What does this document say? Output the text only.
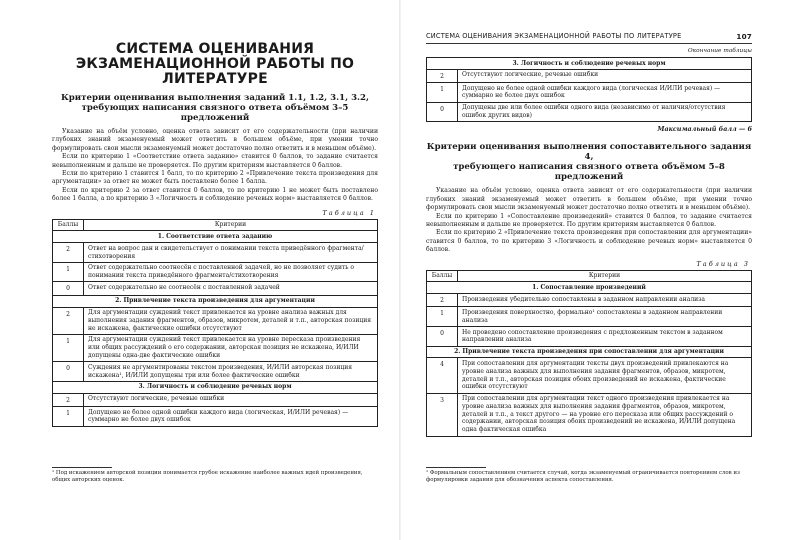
СИСТЕМА ОЦЕНИВАНИЯ
ЭКЗАМЕНАЦИОННОЙ РАБОТЫ ПО ЛИТЕРАТУРЕ
Критерии оценивания выполнения заданий 1.1, 1.2, 3.1, 3.2,
требующих написания связного ответа объёмом 3–5 предложений

Указание на объём условно, оценка ответа зависит от его содержательности (при наличии глубоких знаний экзаменуемый может ответить в большем объёме, при умении точно формулировать свои мысли экзаменуемый может достаточно полно ответить и в меньшем объёме).

Если по критерию 1 «Соответствие ответа заданию» ставится 0 баллов, то задание считается невыполненным и дальше не проверяется. По другим критериям выставляется 0 баллов.

Если по критерию 1 ставится 1 балл, то по критерию 2 «Привлечение текста произведения для аргументации» за ответ не может быть поставлено более 1 балла.

Если по критерию 2 за ответ ставится 0 баллов, то по критерию 1 не может быть поставлено более 1 балла, а по критерию 3 «Логичность и соблюдение речевых норм» выставляется 0 баллов.

Таблица 1
Баллы	Критерии
1. Соответствие ответа заданию	
2	Ответ на вопрос дан и свидетельствует о понимании текста приведённого фрагмента/стихотворения
1	Ответ содержательно соотнесён с поставленной задачей, но не позволяет судить о понимании текста приведённого фрагмента/стихотворения
0	Ответ содержательно не соотнесён с поставленной задачей
2. Привлечение текста произведения для аргументации	
2	Для аргументации суждений текст привлекается на уровне анализа важных для выполнения задания фрагментов, образов, микротем, деталей и т.п., авторская позиция не искажена, фактические ошибки отсутствуют
1	Для аргументации суждений текст привлекается на уровне пересказа произведения или общих рассуждений о его содержании, авторская позиция не искажена, И/ИЛИ допущены одна-две фактические ошибки
0	Суждения не аргументированы текстом произведения, И/ИЛИ авторская позиция искажена¹, И/ИЛИ допущены три или более фактические ошибки
3. Логичность и соблюдение речевых норм	
2	Отсутствуют логические, речевые ошибки
1	Допущено не более одной ошибки каждого вида (логическая, И/ИЛИ речевая) — суммарно не более двух ошибок
¹ Под искажением авторской позиции понимается грубое искажение наиболее важных идей произведения, общих авторских оценок.
СИСТЕМА ОЦЕНИВАНИЯ ЭКЗАМЕНАЦИОННОЙ РАБОТЫ ПО ЛИТЕРАТУРЕ	107
Окончание таблицы
3. Логичность и соблюдение речевых норм	
2	Отсутствуют логические, речевые ошибки
1	Допущено не более одной ошибки каждого вида (логическая И/ИЛИ речевая) — суммарно не более двух ошибок
0	Допущены две или более ошибки одного вида (независимо от наличия/отсутствия ошибок других видов)
Максимальный балл — 6
Критерии оценивания выполнения сопоставительного задания 4,
требующего написания связного ответа объёмом 5–8 предложений

Указание на объём условно, оценка ответа зависит от его содержательности (при наличии глубоких знаний экзаменуемый может ответить в большем объёме, при умении точно формулировать свои мысли экзаменуемый может достаточно полно ответить и в меньшем объёме).

Если по критерию 1 «Сопоставление произведений» ставится 0 баллов, то задание считается невыполненным и дальше не проверяется. По другим критериям выставляется 0 баллов.

Если по критерию 2 «Привлечение текста произведения при сопоставлении для аргументации» ставится 0 баллов, то по критерию 3 «Логичность и соблюдение речевых норм» выставляется 0 баллов.

Таблица 3
Баллы	Критерии
1. Сопоставление произведений	
2	Произведения убедительно сопоставлены в заданном направлении анализа
1	Произведения поверхностно, формально¹ сопоставлены в заданном направлении анализа
0	Не проведено сопоставление произведения с предложенным текстом в заданном направлении анализа
2. Привлечение текста произведения при сопоставлении для аргументации	
4	При сопоставлении для аргументации тексты двух произведений привлекаются на уровне анализа важных для выполнения задания фрагментов, образов, микротем, деталей и т.п., авторская позиция обоих произведений не искажена, фактические ошибки отсутствуют
3	При сопоставлении для аргументации текст одного произведения привлекается на уровне анализа важных для выполнения задания фрагментов, образов, микротем, деталей и т.п., а текст другого — на уровне его пересказа или общих рассуждений о содержании, авторская позиция обоих произведений не искажена, И/ИЛИ допущена одна фактическая ошибка
¹ Формальным сопоставлением считается случай, когда экзаменуемый ограничивается повторением слов из формулировки задания для обозначения аспекта сопоставления.
